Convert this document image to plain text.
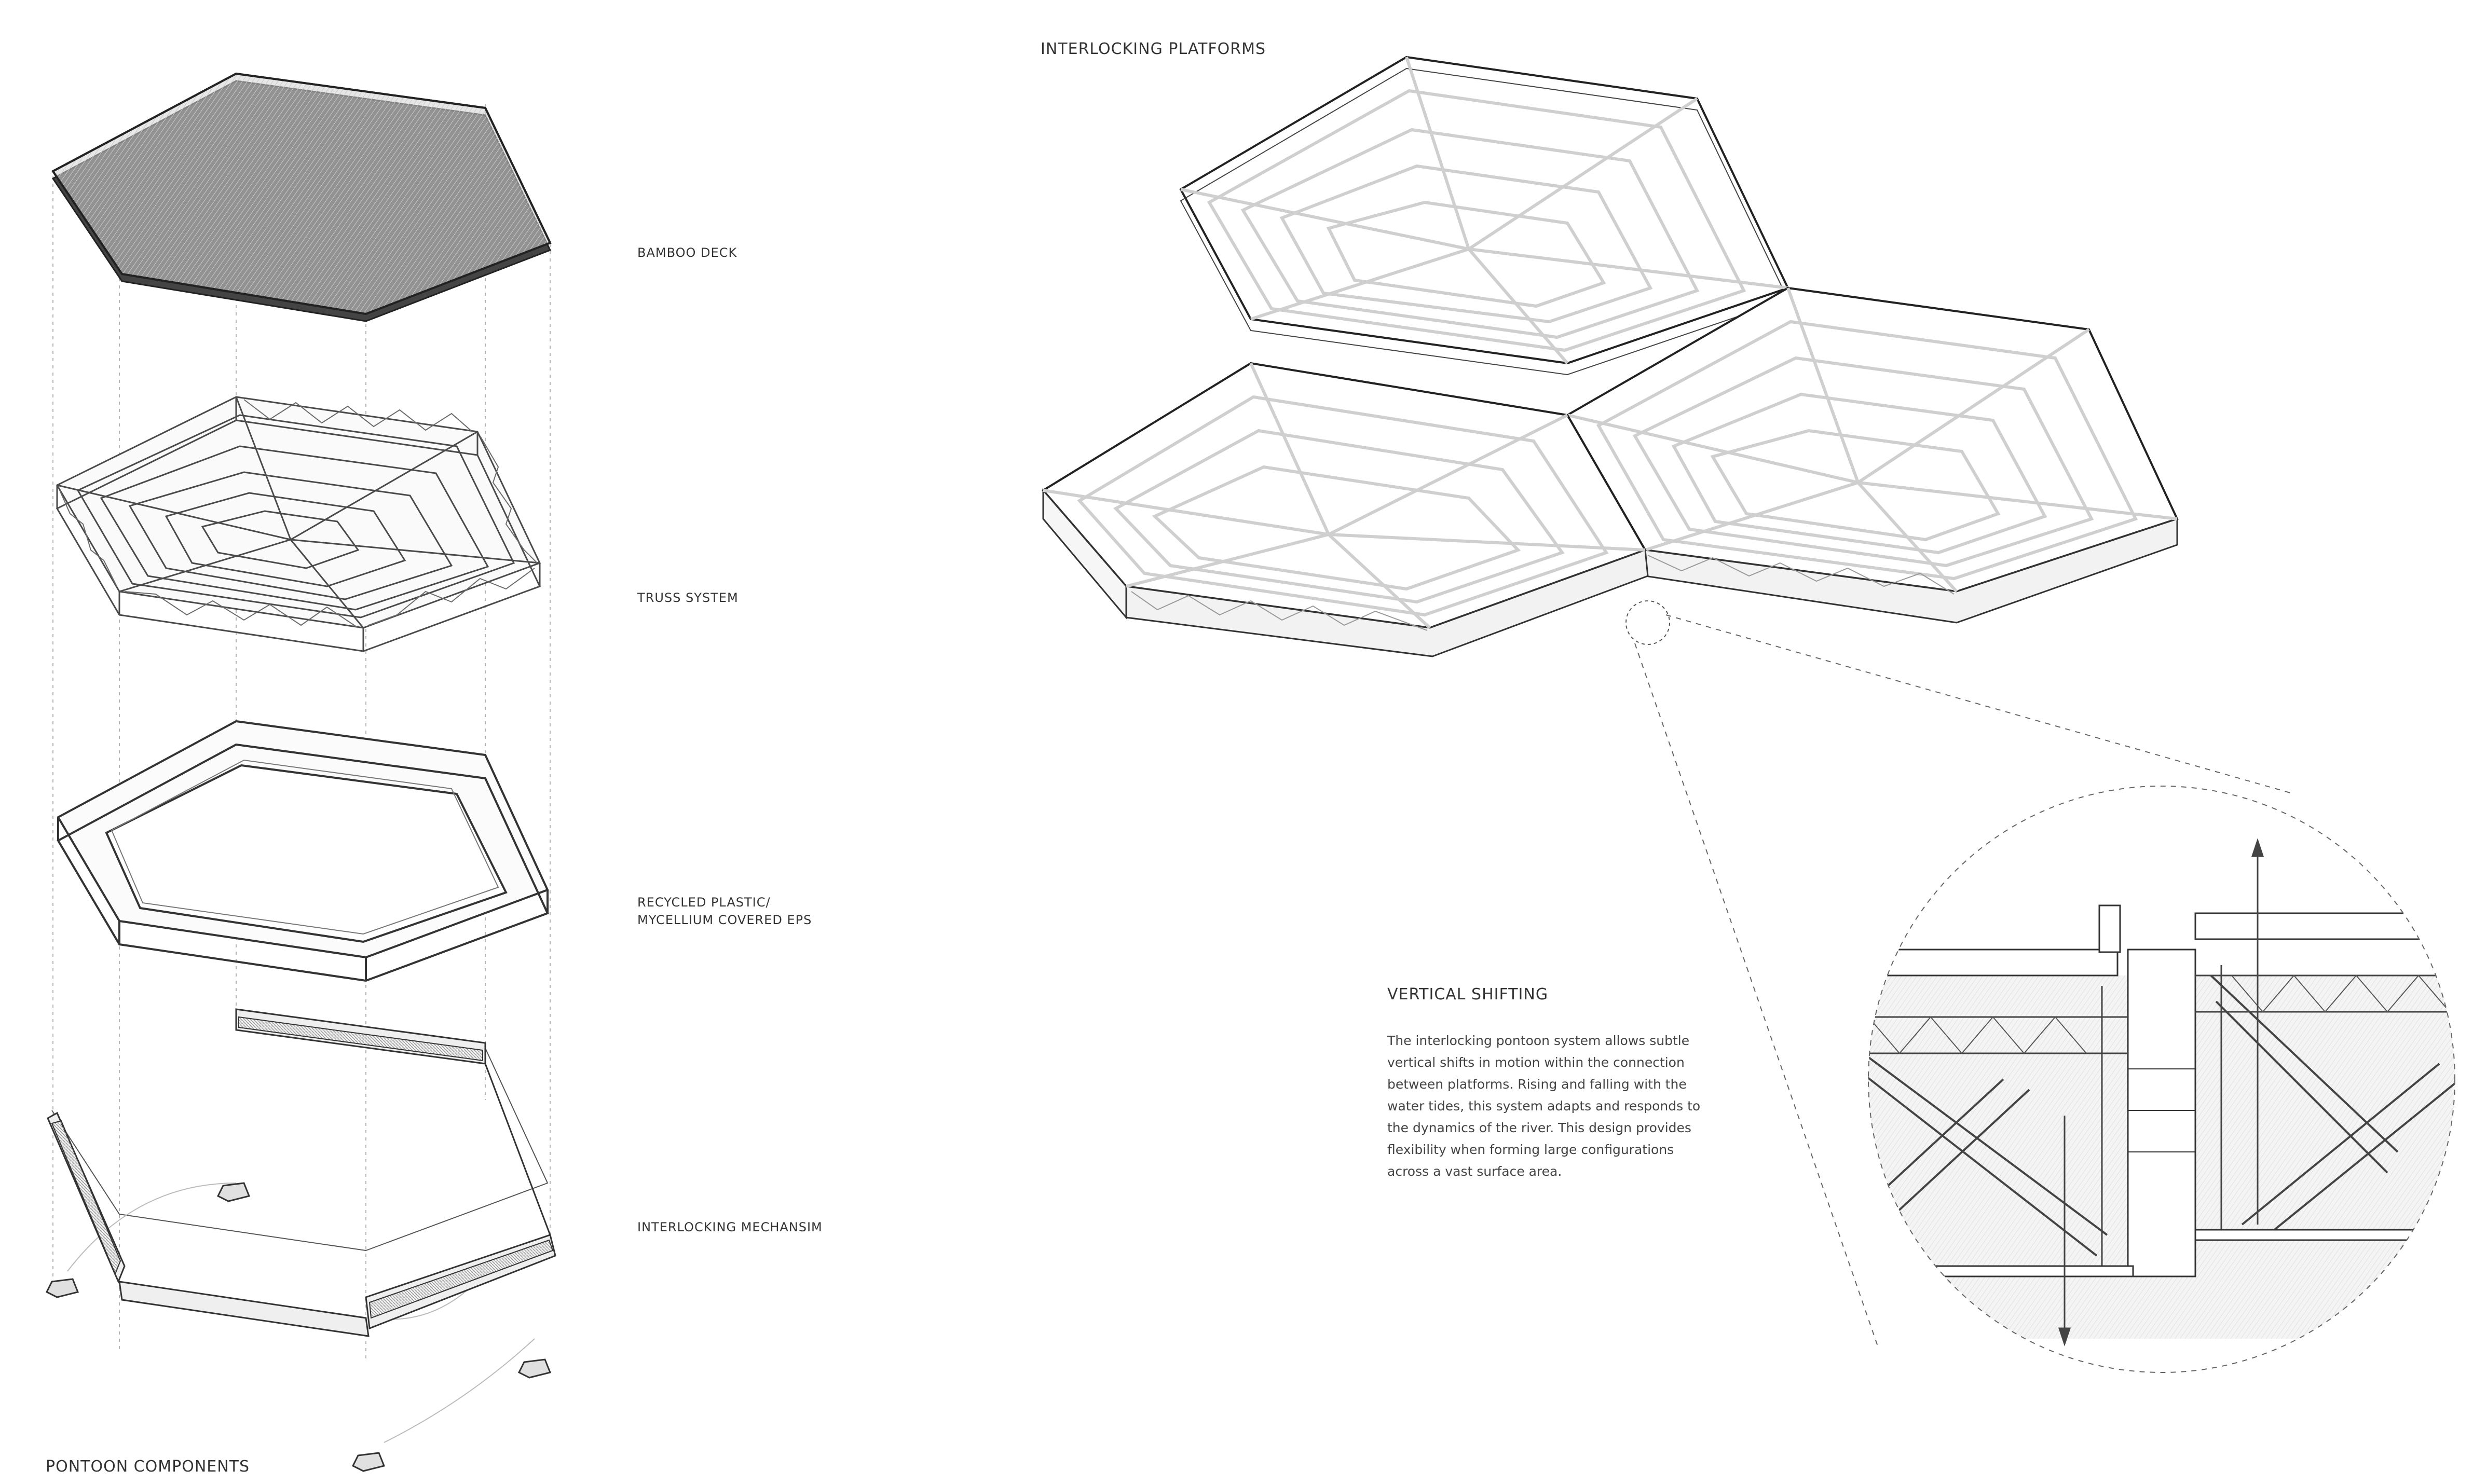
BAMBOO DECK
TRUSS SYSTEM
RECYCLED PLASTIC/
MYCELLIUM COVERED EPS
INTERLOCKING MECHANSIM
PONTOON COMPONENTS
INTERLOCKING PLATFORMS
VERTICAL SHIFTING
The interlocking pontoon system allows subtle
vertical shifts in motion within the connection
between platforms. Rising and falling with the
water tides, this system adapts and responds to
the dynamics of the river. This design provides
flexibility when forming large configurations
across a vast surface area.
